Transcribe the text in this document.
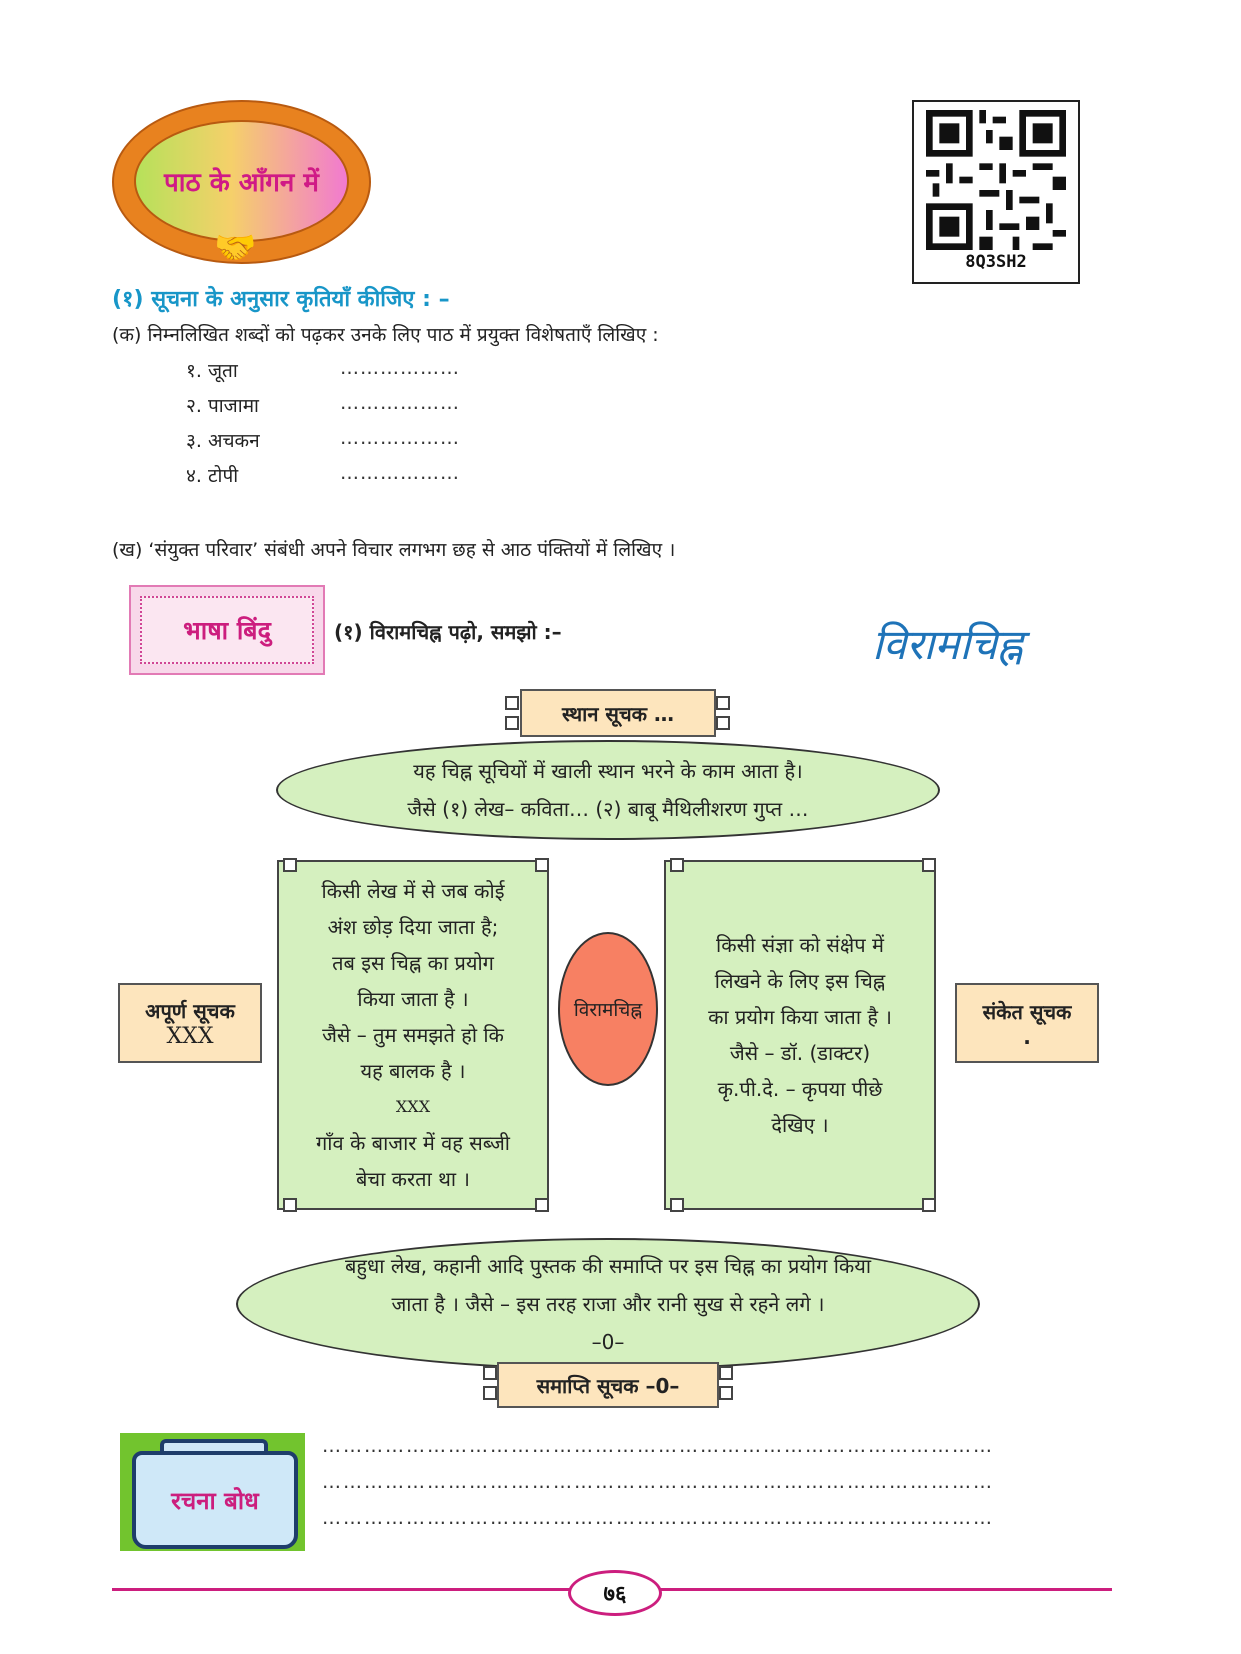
पाठ के आँगन में
🤝	8Q3SH2
(१) सूचना के अनुसार कृतियाँ कीजिए : –
(क) निम्नलिखित शब्दों को पढ़कर उनके लिए पाठ में प्रयुक्त विशेषताएँ लिखिए :
१. जूता	………………
२. पाजामा	………………
३. अचकन	………………
४. टोपी	………………
(ख) ‘संयुक्त परिवार’ संबंधी अपने विचार लगभग छह से आठ पंक्तियों में लिखिए ।
भाषा बिंदु	(१) विरामचिह्न पढ़ो, समझो :–	विरामचिह्न
स्थान सूचक …
यह चिह्न सूचियों में खाली स्थान भरने के काम आता है।
जैसे (१) लेख– कविता… (२) बाबू मैथिलीशरण गुप्त …
अपूर्ण सूचक
XXX
किसी लेख में से जब कोई
अंश छोड़ दिया जाता है;
तब इस चिह्न का प्रयोग
किया जाता है ।
जैसे – तुम समझते हो कि
यह बालक है ।
XXX
गाँव के बाजार में वह सब्जी
बेचा करता था ।
विरामचिह्न
किसी संज्ञा को संक्षेप में
लिखने के लिए इस चिह्न
का प्रयोग किया जाता है ।
जैसे – डॉ. (डाक्टर)
कृ.पी.दे. – कृपया पीछे
देखिए ।
संकेत सूचक
.
बहुधा लेख, कहानी आदि पुस्तक की समाप्ति पर इस चिह्न का प्रयोग किया
जाता है । जैसे – इस तरह राजा और रानी सुख से रहने लगे ।
–0–
समाप्ति सूचक –0–
रचना बोध
……………………………………………………………………………………
……………………………………………………………………………………
……………………………………………………………………………………
७६
